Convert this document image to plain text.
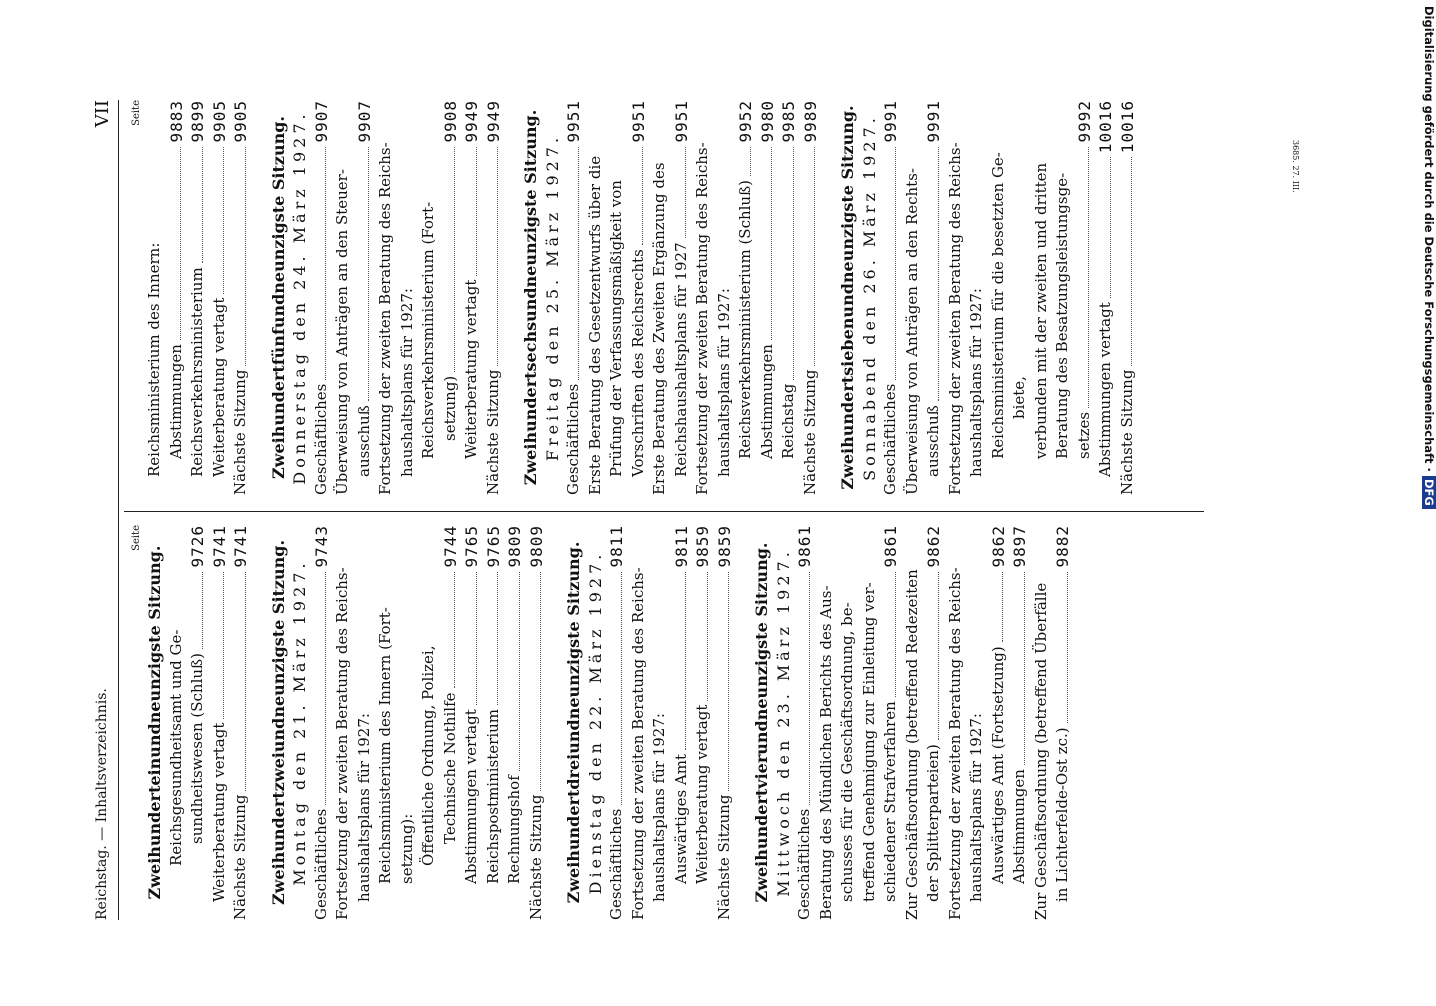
Reichstag. — Inhaltsverzeichnis.
VII
Seite
Zweihunderteinundneunzigste Sitzung. Reichsgesundheitsamt und Ge- sundheitswesen (Schluß)
9726
Weiterberatung vertagt
9741
Nächste Sitzung
9741 Zweihundertzweiundneunzigste Sitzung. Montag den 21. März 1927. Geschäftliches
9743
Fortsetzung der zweiten Beratung des Reichs- haushaltsplans für 1927: Reichsministerium des Innern (Fort- setzung): Öffentliche Ordnung, Polizei, Technische Nothilfe
9744
Abstimmungen vertagt
9765
Reichspostministerium
9765
Rechnungshof
9809
Nächste Sitzung
9809 Zweihundertdreiundneunzigste Sitzung. Dienstag den 22. März 1927. Geschäftliches
9811
Fortsetzung der zweiten Beratung des Reichs- haushaltsplans für 1927: Auswärtiges Amt
9811
Weiterberatung vertagt
9859
Nächste Sitzung
9859 Zweihundertvierundneunzigste Sitzung. Mittwoch den 23. März 1927. Geschäftliches
9861
Beratung des Mündlichen Berichts des Aus- schusses für die Geschäftsordnung, be- treffend Genehmigung zur Einleitung ver- schiedener Strafverfahren
9861
Zur Geschäftsordnung (betreffend Redezeiten der Splitterparteien)
9862
Fortsetzung der zweiten Beratung des Reichs- haushaltsplans für 1927: Auswärtiges Amt (Fortsetzung)
9862
Abstimmungen
9897
Zur Geschäftsordnung (betreffend Überfälle in Lichterfelde-Ost zc.)
9882
Seite
Reichsministerium des Innern: Abstimmungen
9883
Reichsverkehrsministerium
9899
Weiterberatung vertagt
9905
Nächste Sitzung
9905 Zweihundertfünfundneunzigste Sitzung. Donnerstag den 24. März 1927. Geschäftliches
9907
Überweisung von Anträgen an den Steuer- ausschuß
9907
Fortsetzung der zweiten Beratung des Reichs- haushaltsplans für 1927: Reichsverkehrsministerium (Fort- setzung)
9908
Weiterberatung vertagt
9949
Nächste Sitzung
9949 Zweihundertsechsundneunzigste Sitzung. Freitag den 25. März 1927. Geschäftliches
9951
Erste Beratung des Gesetzentwurfs über die Prüfung der Verfassungsmäßigkeit von Vorschriften des Reichsrechts
9951
Erste Beratung des Zweiten Ergänzung des Reichshaushaltsplans für 1927
9951
Fortsetzung der zweiten Beratung des Reichs- haushaltsplans für 1927: Reichsverkehrsministerium (Schluß)
9952
Abstimmungen
9980
Reichstag
9985
Nächste Sitzung
9989 Zweihundertsiebenundneunzigste Sitzung. Sonnabend den 26. März 1927. Geschäftliches
9991
Überweisung von Anträgen an den Rechts- ausschuß
9991
Fortsetzung der zweiten Beratung des Reichs- haushaltsplans für 1927: Reichsministerium für die besetzten Ge- biete, verbunden mit der zweiten und dritten Beratung des Besatzungsleistungsge- setzes
9992
Abstimmungen vertagt
10016
Nächste Sitzung
10016	Digitalisierung gefördert durch die Deutsche Forschungsgemeinschaft ·DFG
3685. 27. III.
